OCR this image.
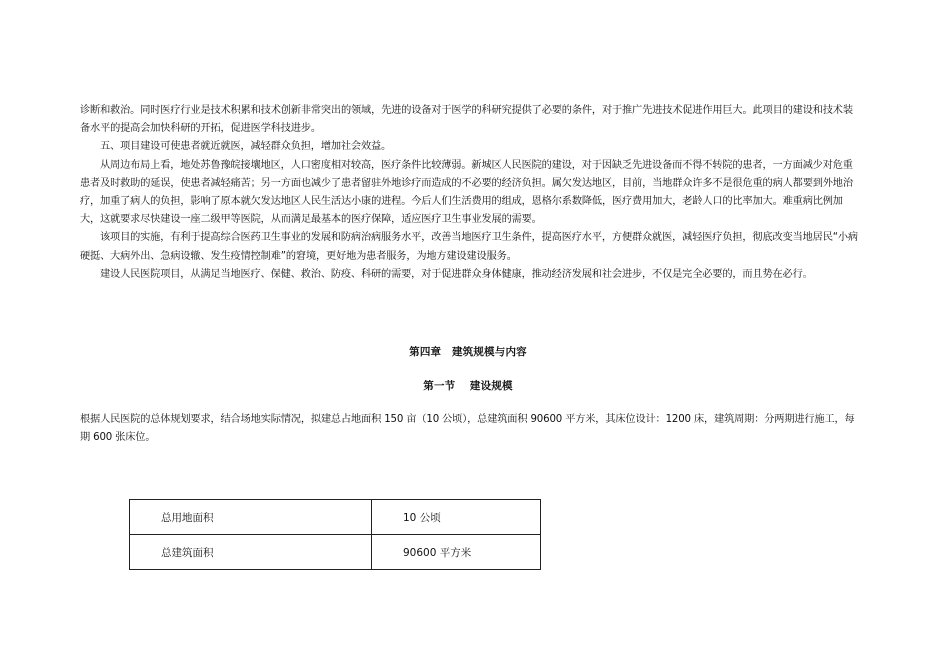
诊断和救治。同时医疗行业是技术积累和技术创新非常突出的领域，先进的设备对于医学的科研究提供了必要的条件，对于推广先进技术促进作用巨大。此项目的建设和技术装备水平的提高会加快科研的开拓，促进医学科技进步。

五、项目建设可使患者就近就医，减轻群众负担，增加社会效益。

从周边布局上看，地处苏鲁豫皖接壤地区，人口密度相对较高，医疗条件比较薄弱。新城区人民医院的建设，对于因缺乏先进设备而不得不转院的患者，一方面减少对危重患者及时救助的延误，使患者减轻痛苦；另一方面也减少了患者留驻外地诊疗而造成的不必要的经济负担。属欠发达地区，目前，当地群众许多不是很危重的病人都要到外地治疗，加重了病人的负担，影响了原本就欠发达地区人民生活达小康的进程。今后人们生活费用的组成，恩格尔系数降低，医疗费用加大，老龄人口的比率加大。难重病比例加大，这就要求尽快建设一座二级甲等医院，从而满足最基本的医疗保障，适应医疗卫生事业发展的需要。

该项目的实施，有利于提高综合医药卫生事业的发展和防病治病服务水平，改善当地医疗卫生条件，提高医疗水平，方便群众就医，减轻医疗负担，彻底改变当地居民“小病硬挺、大病外出、急病设辙、发生疫情控制难”的窘境，更好地为患者服务，为地方建设建设服务。

建设人民医院项目，从满足当地医疗、保健、救治、防疫、科研的需要，对于促进群众身体健康，推动经济发展和社会进步，不仅是完全必要的，而且势在必行。

第四章　建筑规模与内容
第一节　 建设规模

根据人民医院的总体规划要求，结合场地实际情况，拟建总占地面积 150 亩（10 公顷），总建筑面积 90600 平方米，其床位设计：1200 床，建筑周期：分两期进行施工，每期 600 张床位。

总用地面积	10 公顷
总建筑面积	90600 平方米
